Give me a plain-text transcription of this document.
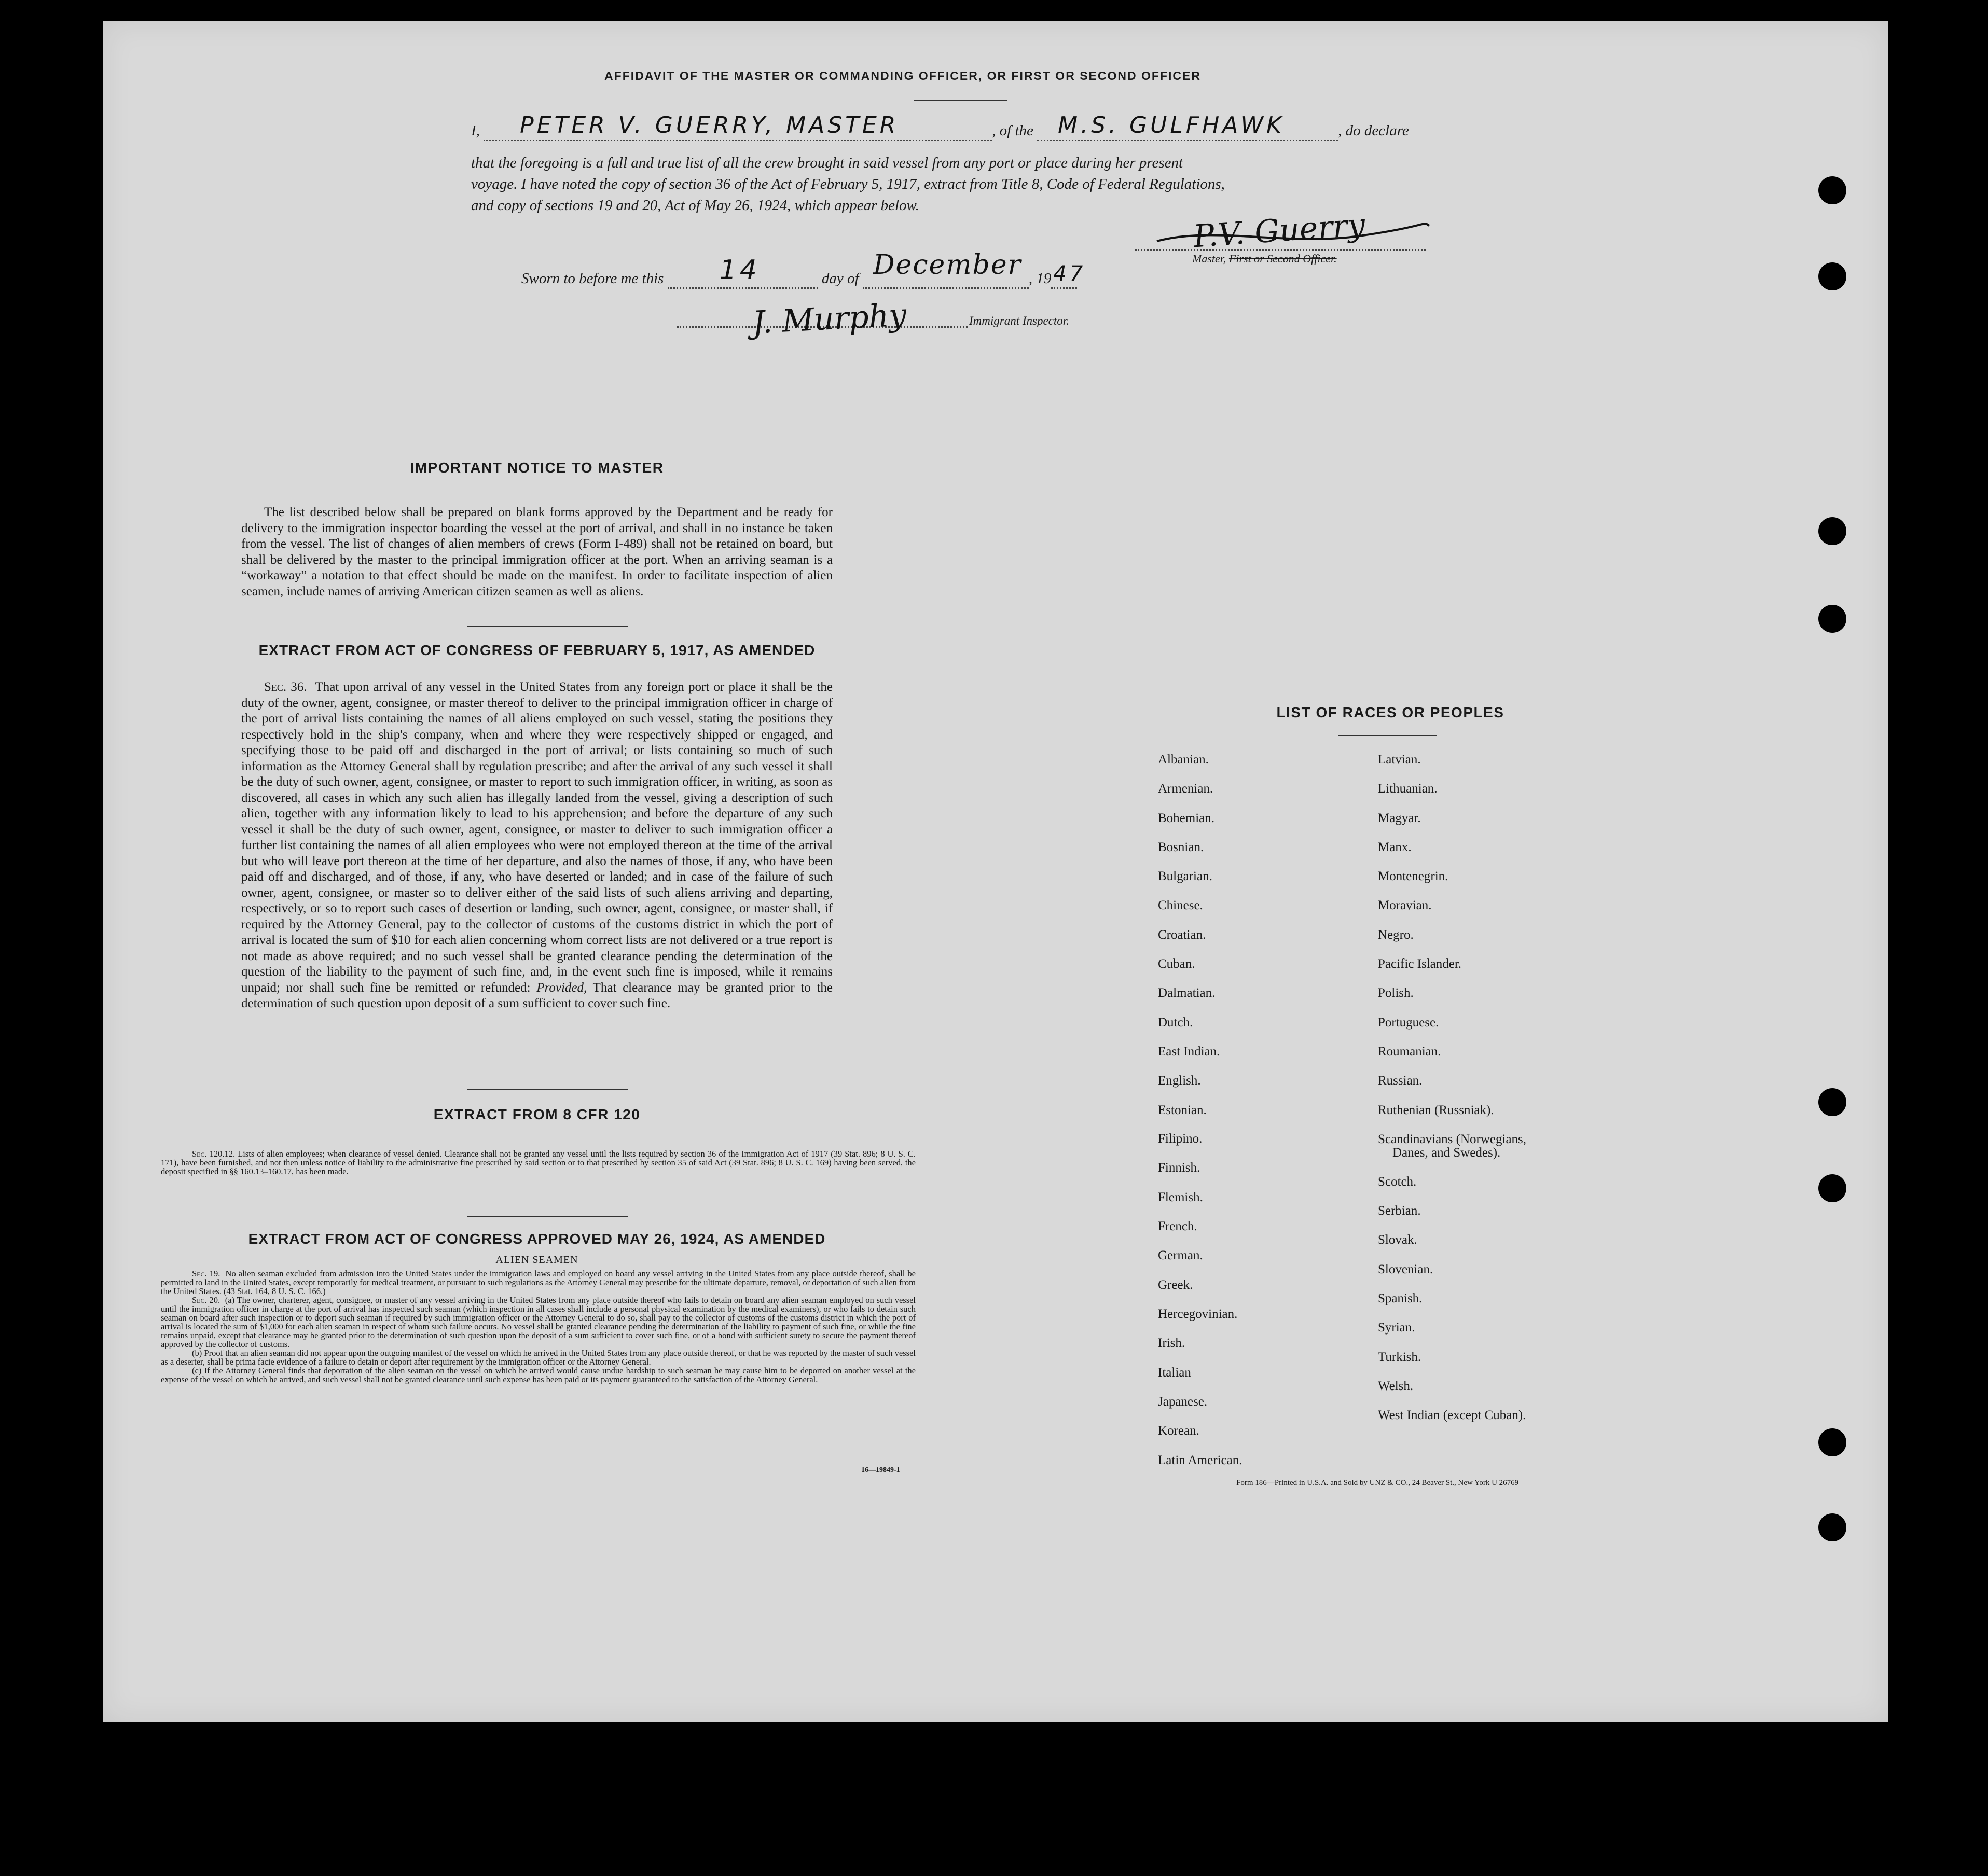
AFFIDAVIT OF THE MASTER OR COMMANDING OFFICER, OR FIRST OR SECOND OFFICER
I, PETER V. GUERRY, MASTER	, of the M.S. GULFHAWK	, do declare
that the foregoing is a full and true list of all the crew brought in said vessel from any port or place during her present
voyage. I have noted the copy of section 36 of the Act of February 5, 1917, extract from Title 8, Code of Federal Regulations,
and copy of sections 19 and 20, Act of May 26, 1924, which appear below.
P.V. Guerry
Master, First or Second Officer.
Sworn to before me this 14	day of December , 19 47

J. Murphy	Immigrant Inspector.
IMPORTANT NOTICE TO MASTER

The list described below shall be prepared on blank forms approved by the Department and be ready for delivery to the immigration inspector boarding the vessel at the port of arrival, and shall in no instance be taken from the vessel. The list of changes of alien members of crews (Form I-489) shall not be retained on board, but shall be delivered by the master to the principal immigration officer at the port. When an arriving seaman is a “workaway” a notation to that effect should be made on the manifest. In order to facilitate inspection of alien seamen, include names of arriving American citizen seamen as well as aliens.

EXTRACT FROM ACT OF CONGRESS OF FEBRUARY 5, 1917, AS AMENDED

Sec. 36. That upon arrival of any vessel in the United States from any foreign port or place it shall be the duty of the owner, agent, consignee, or master thereof to deliver to the principal immigration officer in charge of the port of arrival lists containing the names of all aliens employed on such vessel, stating the positions they respectively hold in the ship's company, when and where they were respectively shipped or engaged, and specifying those to be paid off and discharged in the port of arrival; or lists containing so much of such information as the Attorney General shall by regulation prescribe; and after the arrival of any such vessel it shall be the duty of such owner, agent, consignee, or master to report to such immigration officer, in writing, as soon as discovered, all cases in which any such alien has illegally landed from the vessel, giving a description of such alien, together with any information likely to lead to his apprehension; and before the departure of any such vessel it shall be the duty of such owner, agent, consignee, or master to deliver to such immigration officer a further list containing the names of all alien employees who were not employed thereon at the time of the arrival but who will leave port thereon at the time of her departure, and also the names of those, if any, who have been paid off and discharged, and of those, if any, who have deserted or landed; and in case of the failure of such owner, agent, consignee, or master so to deliver either of the said lists of such aliens arriving and departing, respectively, or so to report such cases of desertion or landing, such owner, agent, consignee, or master shall, if required by the Attorney General, pay to the collector of customs of the customs district in which the port of arrival is located the sum of $10 for each alien concerning whom correct lists are not delivered or a true report is not made as above required; and no such vessel shall be granted clearance pending the determination of the question of the liability to the payment of such fine, and, in the event such fine is imposed, while it remains unpaid; nor shall such fine be remitted or refunded: Provided, That clearance may be granted prior to the determination of such question upon deposit of a sum sufficient to cover such fine.

EXTRACT FROM 8 CFR 120

Sec. 120.12. Lists of alien employees; when clearance of vessel denied. Clearance shall not be granted any vessel until the lists required by section 36 of the Immigration Act of 1917 (39 Stat. 896; 8 U. S. C. 171), have been furnished, and not then unless notice of liability to the administrative fine prescribed by said section or to that prescribed by section 35 of said Act (39 Stat. 896; 8 U. S. C. 169) having been served, the deposit specified in §§ 160.13–160.17, has been made.

EXTRACT FROM ACT OF CONGRESS APPROVED MAY 26, 1924, AS AMENDED
ALIEN SEAMEN

Sec. 19. No alien seaman excluded from admission into the United States under the immigration laws and employed on board any vessel arriving in the United States from any place outside thereof, shall be permitted to land in the United States, except temporarily for medical treatment, or pursuant to such regulations as the Attorney General may prescribe for the ultimate departure, removal, or deportation of such alien from the United States. (43 Stat. 164, 8 U. S. C. 166.)

Sec. 20. (a) The owner, charterer, agent, consignee, or master of any vessel arriving in the United States from any place outside thereof who fails to detain on board any alien seaman employed on such vessel until the immigration officer in charge at the port of arrival has inspected such seaman (which inspection in all cases shall include a personal physical examination by the medical examiners), or who fails to detain such seaman on board after such inspection or to deport such seaman if required by such immigration officer or the Attorney General to do so, shall pay to the collector of customs of the customs district in which the port of arrival is located the sum of $1,000 for each alien seaman in respect of whom such failure occurs. No vessel shall be granted clearance pending the determination of the liability to payment of such fine, or while the fine remains unpaid, except that clearance may be granted prior to the determination of such question upon the deposit of a sum sufficient to cover such fine, or of a bond with sufficient surety to secure the payment thereof approved by the collector of customs.

(b) Proof that an alien seaman did not appear upon the outgoing manifest of the vessel on which he arrived in the United States from any place outside thereof, or that he was reported by the master of such vessel as a deserter, shall be prima facie evidence of a failure to detain or deport after requirement by the immigration officer or the Attorney General.

(c) If the Attorney General finds that deportation of the alien seaman on the vessel on which he arrived would cause undue hardship to such seaman he may cause him to be deported on another vessel at the expense of the vessel on which he arrived, and such vessel shall not be granted clearance until such expense has been paid or its payment guaranteed to the satisfaction of the Attorney General.

16—19849-1
LIST OF RACES OR PEOPLES
Albanian.
Armenian.
Bohemian.
Bosnian.
Bulgarian.
Chinese.
Croatian.
Cuban.
Dalmatian.
Dutch.
East Indian.
English.
Estonian.
Filipino.
Finnish.
Flemish.
French.
German.
Greek.
Hercegovinian.
Irish.
Italian
Japanese.
Korean.
Latin American.
Latvian.
Lithuanian.
Magyar.
Manx.
Montenegrin.
Moravian.
Negro.
Pacific Islander.
Polish.
Portuguese.
Roumanian.
Russian.
Ruthenian (Russniak).
Scandinavians (Norwegians,
Danes, and Swedes).
Scotch.
Serbian.
Slovak.
Slovenian.
Spanish.
Syrian.
Turkish.
Welsh.
West Indian (except Cuban).
Form 186—Printed in U.S.A. and Sold by UNZ & CO., 24 Beaver St., New York U 26769
